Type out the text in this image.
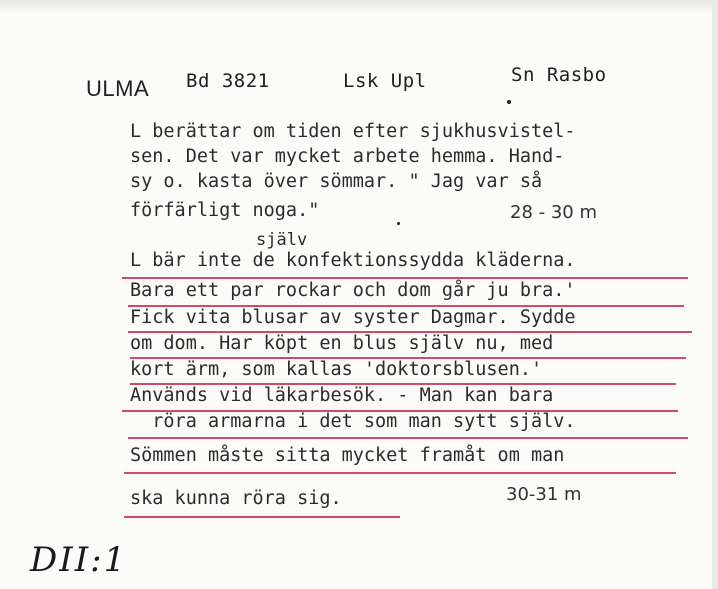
ULMA Bd 3821	Lsk Upl	Sn Rasbo
L berättar om tiden efter sjukhusvistel-
sen. Det var mycket arbete hemma. Hand-
sy o. kasta över sömmar. " Jag var så
förfärligt noga."	28 - 30 m
själv
L bär inte de konfektionssydda kläderna.
Bara ett par rockar och dom går ju bra.'
Fick vita blusar av syster Dagmar. Sydde
om dom. Har köpt en blus själv nu, med
kort ärm, som kallas 'doktorsblusen.'
Används vid läkarbesök. - Man kan bara
röra armarna i det som man sytt själv.
Sömmen måste sitta mycket framåt om man
ska kunna röra sig.	30-31 m
DII:1
